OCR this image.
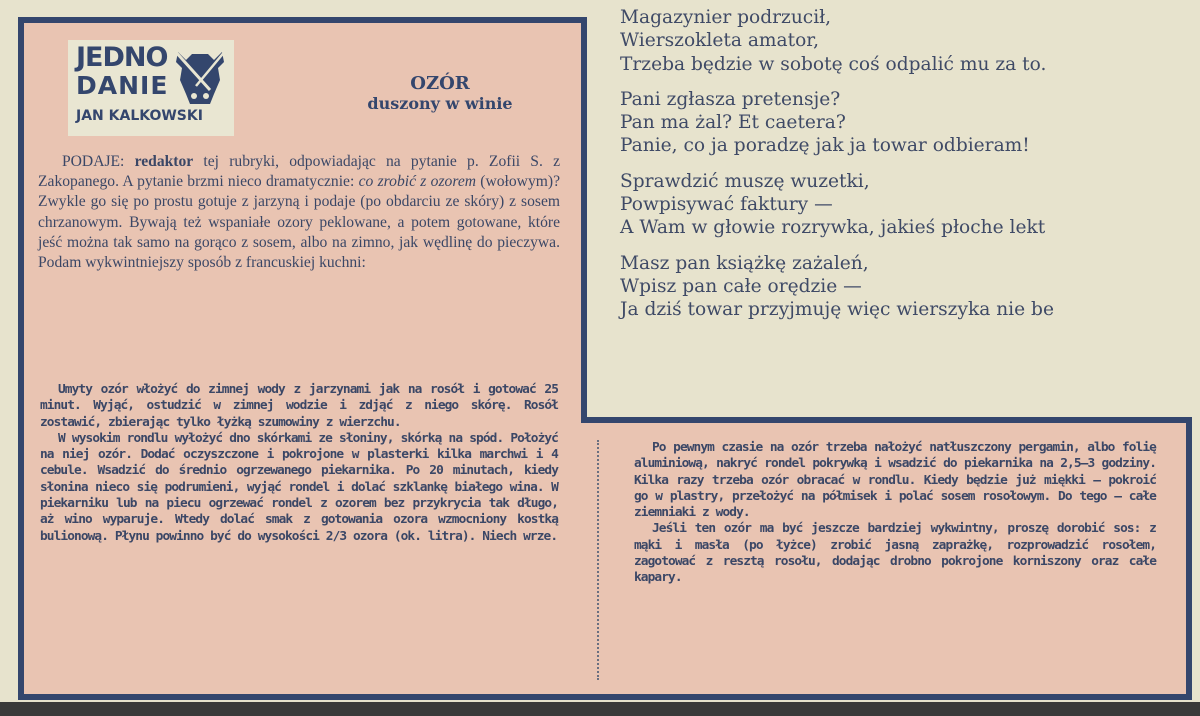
JEDNO
DANIE
JAN KALKOWSKI
OZÓR
duszony w winie

PODAJE: redaktor tej rubryki, odpowiadając na pytanie p. Zofii S. z Zakopanego. A pytanie brzmi nieco dramatycznie: co zrobić z ozorem (wołowym)? Zwykle go się po prostu gotuje z jarzyną i podaje (po obdarciu ze skóry) z sosem chrzanowym. Bywają też wspaniałe ozory peklowane, a potem gotowane, które jeść można tak samo na gorąco z sosem, albo na zimno, jak wędlinę do pieczywa. Podam wykwintniejszy sposób z francuskiej kuchni:

Umyty ozór włożyć do zimnej wody z jarzynami jak na rosół i gotować 25 minut. Wyjąć, ostudzić w zimnej wodzie i zdjąć z niego skórę. Rosół zostawić, zbierając tylko łyżką szumowiny z wierzchu.

W wysokim rondlu wyłożyć dno skórkami ze słoniny, skórką na spód. Położyć na niej ozór. Dodać oczyszczone i pokrojone w plasterki kilka marchwi i 4 cebule. Wsadzić do średnio ogrzewanego piekarnika. Po 20 minutach, kiedy słonina nieco się podrumieni, wyjąć rondel i dolać szklankę białego wina. W piekarniku lub na piecu ogrzewać rondel z ozorem bez przykrycia tak długo, aż wino wyparuje. Wtedy dolać smak z gotowania ozora wzmocniony kostką bulionową. Płynu powinno być do wysokości 2/3 ozora (ok. litra). Niech wrze.

Po pewnym czasie na ozór trzeba nałożyć natłuszczony pergamin, albo folię aluminiową, nakryć rondel pokrywką i wsadzić do piekarnika na 2,5—3 godziny. Kilka razy trzeba ozór obracać w rondlu. Kiedy będzie już miękki — pokroić go w plastry, przełożyć na półmisek i polać sosem rosołowym. Do tego — całe ziemniaki z wody.

Jeśli ten ozór ma być jeszcze bardziej wykwintny, proszę dorobić sos: z mąki i masła (po łyżce) zrobić jasną zaprażkę, rozprowadzić rosołem, zagotować z resztą rosołu, dodając drobno pokrojone korniszony oraz całe kapary.

Magazynier podrzucił,
Wierszokleta amator,
Trzeba będzie w sobotę coś odpalić mu za to.
Pani zgłasza pretensje?
Pan ma żal? Et caetera?
Panie, co ja poradzę jak ja towar odbieram!
Sprawdzić muszę wuzetki,
Powpisywać faktury —
A Wam w głowie rozrywka, jakieś płoche lekt
Masz pan książkę zażaleń,
Wpisz pan całe orędzie —
Ja dziś towar przyjmuję więc wierszyka nie be
